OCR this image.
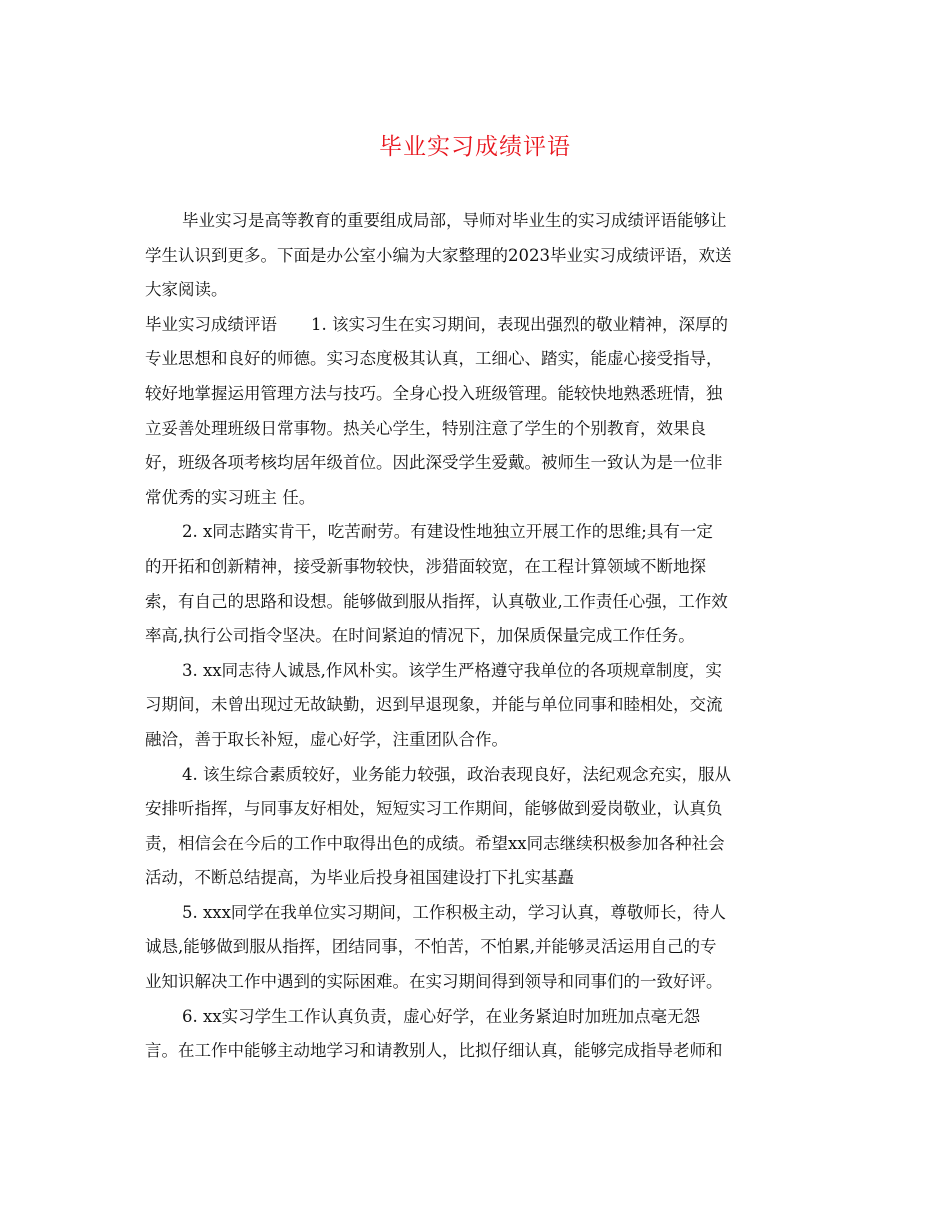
毕业实习成绩评语
毕业实习是高等教育的重要组成局部，导师对毕业生的实习成绩评语能够让
学生认识到更多。下面是办公室小编为大家整理的2023毕业实习成绩评语，欢送
大家阅读。
毕业实习成绩评语 1. 该实习生在实习期间，表现出强烈的敬业精神，深厚的
专业思想和良好的师德。实习态度极其认真，工细心、踏实，能虚心接受指导，
较好地掌握运用管理方法与技巧。全身心投入班级管理。能较快地熟悉班情，独
立妥善处理班级日常事物。热关心学生，特别注意了学生的个别教育，效果良
好，班级各项考核均居年级首位。因此深受学生爱戴。被师生一致认为是一位非
常优秀的实习班主 任。
2. x同志踏实肯干，吃苦耐劳。有建设性地独立开展工作的思维;具有一定
的开拓和创新精神，接受新事物较快，涉猎面较宽，在工程计算领域不断地探
索，有自己的思路和设想。能够做到服从指挥，认真敬业,工作责任心强，工作效
率高,执行公司指令坚决。在时间紧迫的情况下，加保质保量完成工作任务。
3. xx同志待人诚恳,作风朴实。该学生严格遵守我单位的各项规章制度，实
习期间，未曾出现过无故缺勤，迟到早退现象，并能与单位同事和睦相处，交流
融洽，善于取长补短，虚心好学，注重团队合作。
4. 该生综合素质较好，业务能力较强，政治表现良好，法纪观念充实，服从
安排听指挥，与同事友好相处，短短实习工作期间，能够做到爱岗敬业，认真负
责，相信会在今后的工作中取得出色的成绩。希望xx同志继续积极参加各种社会
活动，不断总结提高，为毕业后投身祖国建设打下扎实基矗
5. xxx同学在我单位实习期间，工作积极主动，学习认真，尊敬师长，待人
诚恳,能够做到服从指挥，团结同事，不怕苦，不怕累,并能够灵活运用自己的专
业知识解决工作中遇到的实际困难。在实习期间得到领导和同事们的一致好评。
6. xx实习学生工作认真负责，虚心好学，在业务紧迫时加班加点毫无怨
言。在工作中能够主动地学习和请教别人，比拟仔细认真，能够完成指导老师和
